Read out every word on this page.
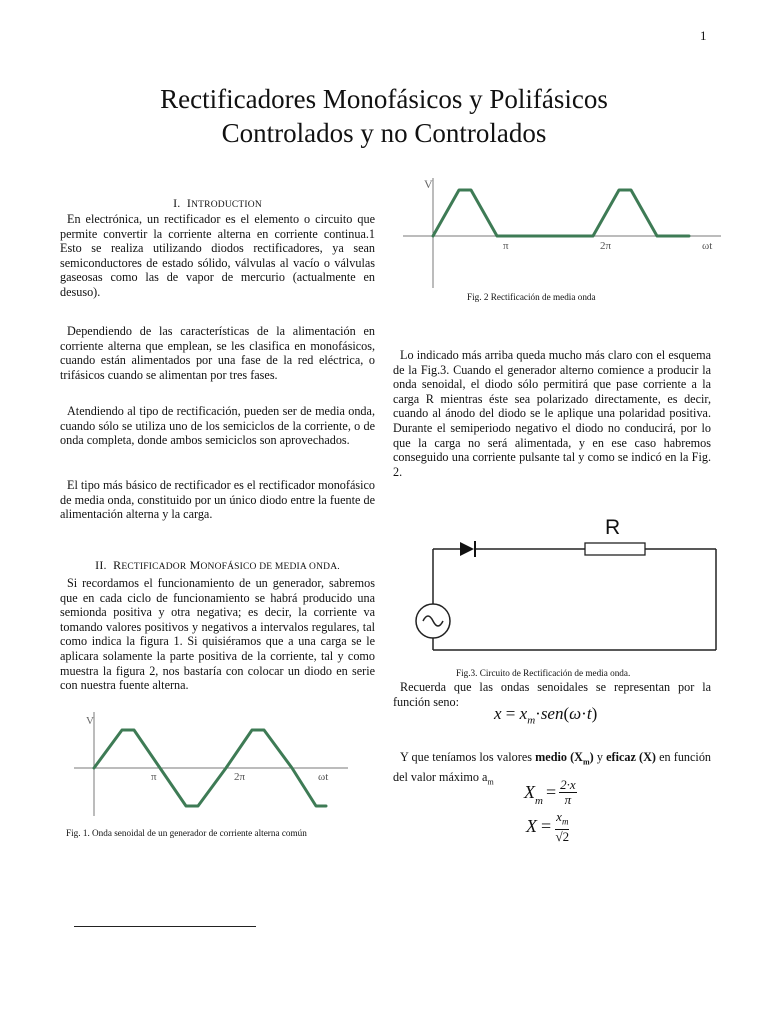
1
Rectificadores Monofásicos y Polifásicos
Controlados y no Controlados
I. INTRODUCTION

En electrónica, un rectificador es el elemento o circuito que permite convertir la corriente alterna en corriente continua.1 Esto se realiza utilizando diodos rectificadores, ya sean semiconductores de estado sólido, válvulas al vacío o válvulas gaseosas como las de vapor de mercurio (actualmente en desuso).

Dependiendo de las características de la alimentación en corriente alterna que emplean, se les clasifica en monofásicos, cuando están alimentados por una fase de la red eléctrica, o trifásicos cuando se alimentan por tres fases.

Atendiendo al tipo de rectificación, pueden ser de media onda, cuando sólo se utiliza uno de los semiciclos de la corriente, o de onda completa, donde ambos semiciclos son aprovechados.

El tipo más básico de rectificador es el rectificador monofásico de media onda, constituido por un único diodo entre la fuente de alimentación alterna y la carga.

II. RECTIFICADOR MONOFÁSICO DE MEDIA ONDA.

Si recordamos el funcionamiento de un generador, sabremos que en cada ciclo de funcionamiento se habrá producido una semionda positiva y otra negativa; es decir, la corriente va tomando valores positivos y negativos a intervalos regulares, tal como indica la figura 1. Si quisiéramos que a una carga se le aplicara solamente la parte positiva de la corriente, tal y como muestra la figura 2, nos bastaría con colocar un diodo en serie con nuestra fuente alterna.

V
π	2π	ωt
Fig. 1. Onda senoidal de un generador de corriente alterna común
V
π	2π	ωt
Fig. 2 Rectificación de media onda

Lo indicado más arriba queda mucho más claro con el esquema de la Fig.3. Cuando el generador alterno comience a producir la onda senoidal, el diodo sólo permitirá que pase corriente a la carga R mientras éste sea polarizado directamente, es decir, cuando al ánodo del diodo se le aplique una polaridad positiva. Durante el semiperiodo negativo el diodo no conducirá, por lo que la carga no será alimentada, y en ese caso habremos conseguido una corriente pulsante tal y como se indicó en la Fig. 2.

R
Fig.3. Circuito de Rectificación de media onda.

Recuerda que las ondas senoidales se representan por la función seno:

$x = x_m\cdot sen(\omega\cdot t)$

Y que teníamos los valores medio $(X_m)$ y eficaz (X) en función del valor máximo $a_m$

$X_m = \frac{2\cdot x}{\pi}$
$X = \frac{x_m}{√2}$
